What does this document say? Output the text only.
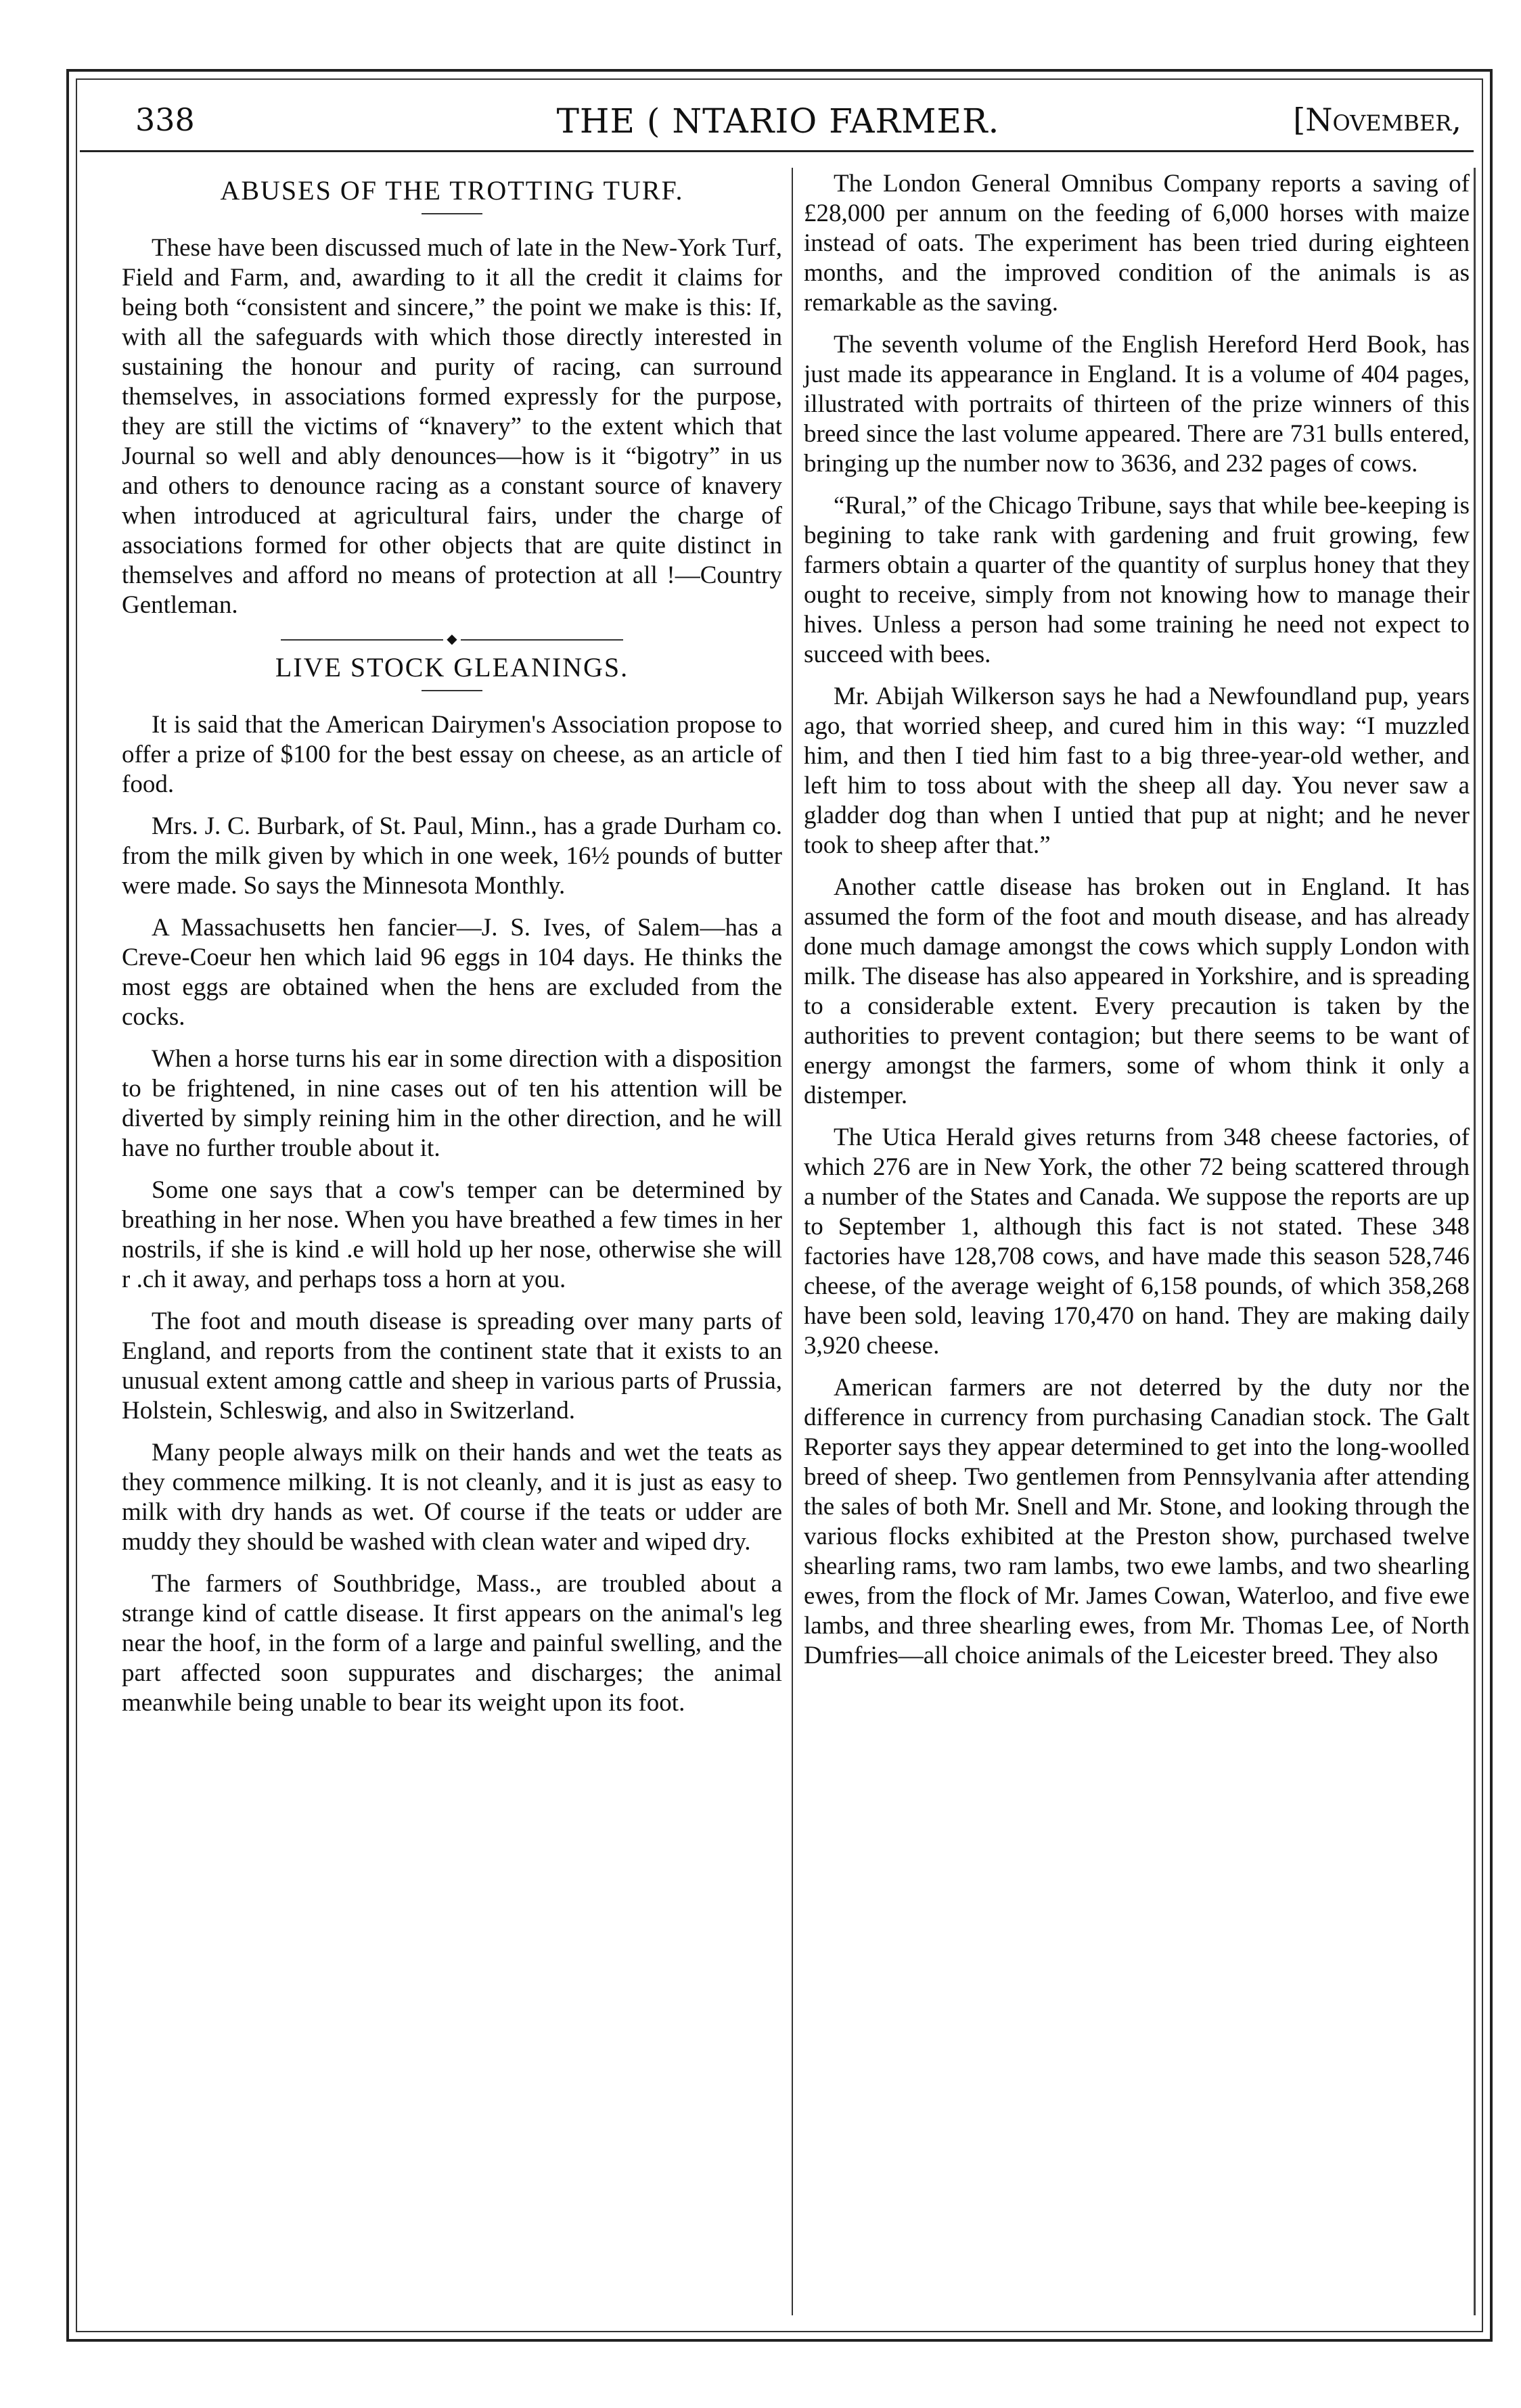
338	THE ( NTARIO FARMER.	[November,
ABUSES OF THE TROTTING TURF.

These have been discussed much of late in the New-York Turf, Field and Farm, and, awarding to it all the credit it claims for being both “consistent and sincere,” the point we make is this: If, with all the safeguards with which those directly interested in sustaining the honour and purity of racing, can surround themselves, in associations formed expressly for the purpose, they are still the victims of “knavery” to the extent which that Journal so well and ably denounces—how is it “bigotry” in us and others to denounce racing as a constant source of knavery when introduced at agricultural fairs, under the charge of associations formed for other objects that are quite distinct in themselves and afford no means of protection at all !—Country Gentleman.

◆
LIVE STOCK GLEANINGS.

It is said that the American Dairymen's Association propose to offer a prize of $100 for the best essay on cheese, as an article of food.

Mrs. J. C. Burbark, of St. Paul, Minn., has a grade Durham co. from the milk given by which in one week, 16½ pounds of butter were made. So says the Minnesota Monthly.

A Massachusetts hen fancier—J. S. Ives, of Salem—has a Creve-Coeur hen which laid 96 eggs in 104 days. He thinks the most eggs are obtained when the hens are excluded from the cocks.

When a horse turns his ear in some direction with a disposition to be frightened, in nine cases out of ten his attention will be diverted by simply reining him in the other direction, and he will have no further trouble about it.

Some one says that a cow's temper can be determined by breathing in her nose. When you have breathed a few times in her nostrils, if she is kind .e will hold up her nose, otherwise she will r .ch it away, and perhaps toss a horn at you.

The foot and mouth disease is spreading over many parts of England, and reports from the continent state that it exists to an unusual extent among cattle and sheep in various parts of Prussia, Holstein, Schleswig, and also in Switzerland.

Many people always milk on their hands and wet the teats as they commence milking. It is not cleanly, and it is just as easy to milk with dry hands as wet. Of course if the teats or udder are muddy they should be washed with clean water and wiped dry.

The farmers of Southbridge, Mass., are troubled about a strange kind of cattle disease. It first appears on the animal's leg near the hoof, in the form of a large and painful swelling, and the part affected soon suppurates and discharges; the animal meanwhile being unable to bear its weight upon its foot.

The London General Omnibus Company reports a saving of £28,000 per annum on the feeding of 6,000 horses with maize instead of oats. The experiment has been tried during eighteen months, and the improved condition of the animals is as remarkable as the saving.

The seventh volume of the English Hereford Herd Book, has just made its appearance in England. It is a volume of 404 pages, illustrated with portraits of thirteen of the prize winners of this breed since the last volume appeared. There are 731 bulls entered, bringing up the number now to 3636, and 232 pages of cows.

“Rural,” of the Chicago Tribune, says that while bee-keeping is begining to take rank with gardening and fruit growing, few farmers obtain a quarter of the quantity of surplus honey that they ought to receive, simply from not knowing how to manage their hives. Unless a person had some training he need not expect to succeed with bees.

Mr. Abijah Wilkerson says he had a Newfoundland pup, years ago, that worried sheep, and cured him in this way: “I muzzled him, and then I tied him fast to a big three-year-old wether, and left him to toss about with the sheep all day. You never saw a gladder dog than when I untied that pup at night; and he never took to sheep after that.”

Another cattle disease has broken out in England. It has assumed the form of the foot and mouth disease, and has already done much damage amongst the cows which supply London with milk. The disease has also appeared in Yorkshire, and is spreading to a considerable extent. Every precaution is taken by the authorities to prevent contagion; but there seems to be want of energy amongst the farmers, some of whom think it only a distemper.

The Utica Herald gives returns from 348 cheese factories, of which 276 are in New York, the other 72 being scattered through a number of the States and Canada. We suppose the reports are up to September 1, although this fact is not stated. These 348 factories have 128,708 cows, and have made this season 528,746 cheese, of the average weight of 6,158 pounds, of which 358,268 have been sold, leaving 170,470 on hand. They are making daily 3,920 cheese.

American farmers are not deterred by the duty nor the difference in currency from purchasing Canadian stock. The Galt Reporter says they appear determined to get into the long-woolled breed of sheep. Two gentlemen from Pennsylvania after attending the sales of both Mr. Snell and Mr. Stone, and looking through the various flocks exhibited at the Preston show, purchased twelve shearling rams, two ram lambs, two ewe lambs, and two shearling ewes, from the flock of Mr. James Cowan, Waterloo, and five ewe lambs, and three shearling ewes, from Mr. Thomas Lee, of North Dumfries—all choice animals of the Leicester breed. They also
